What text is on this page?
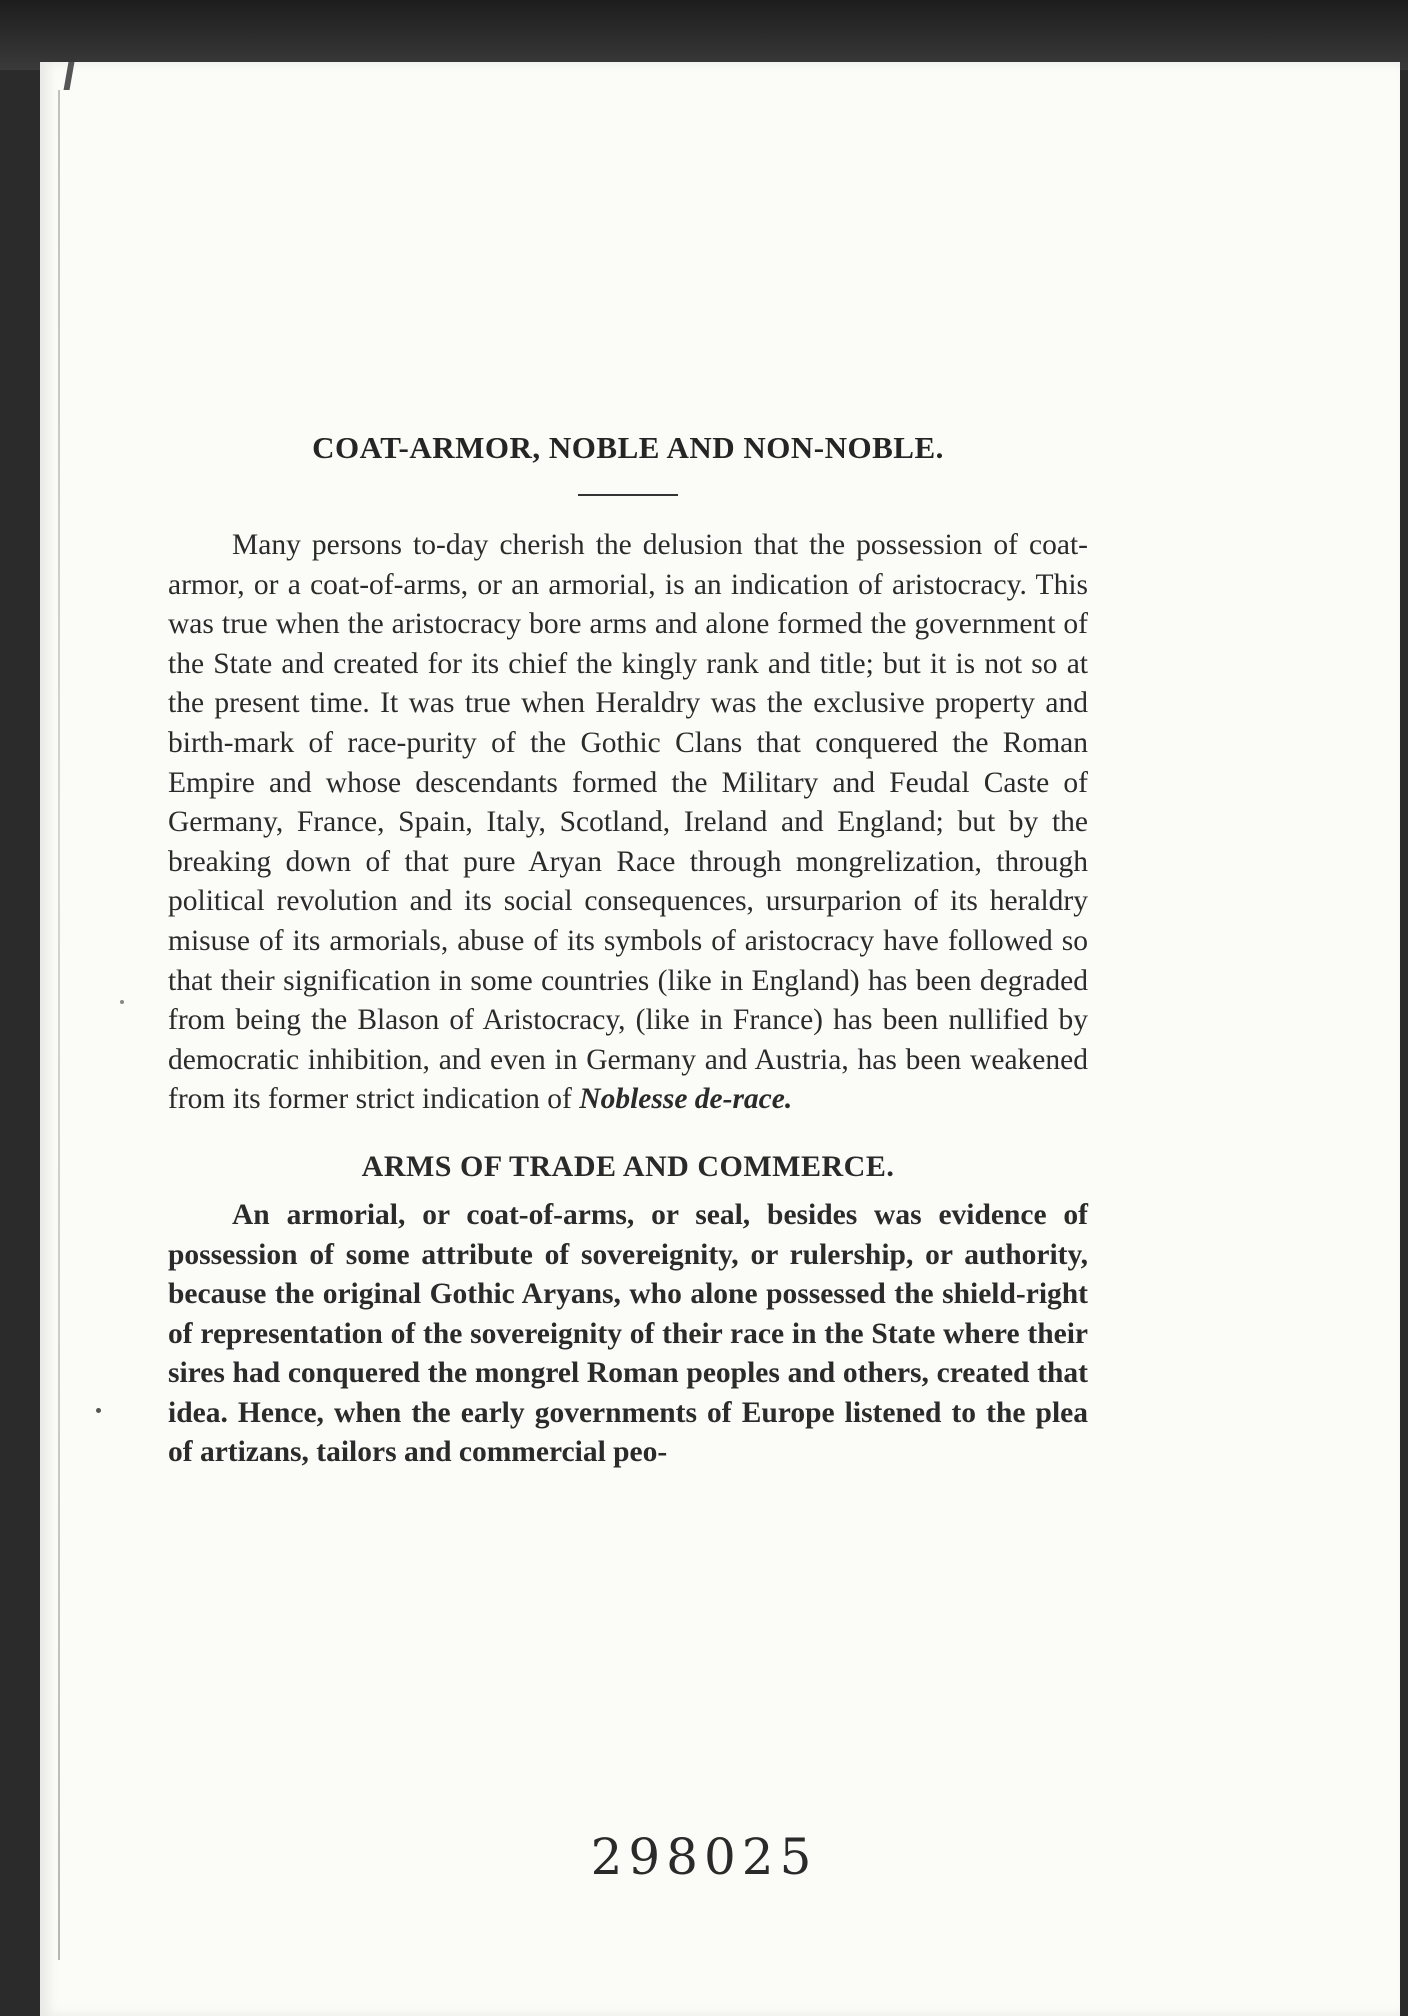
COAT-ARMOR, NOBLE AND NON-NOBLE.

Many persons to-day cherish the delusion that the possession of coat-armor, or a coat-of-arms, or an armorial, is an indication of aristocracy. This was true when the aristocracy bore arms and alone formed the government of the State and created for its chief the kingly rank and title; but it is not so at the present time. It was true when Heraldry was the exclusive property and birth-mark of race-purity of the Gothic Clans that conquered the Roman Empire and whose descendants formed the Military and Feudal Caste of Germany, France, Spain, Italy, Scotland, Ireland and England; but by the breaking down of that pure Aryan Race through mongrelization, through political revolution and its social consequences, ursurparion of its heraldry misuse of its armorials, abuse of its symbols of aristocracy have followed so that their signification in some countries (like in England) has been degraded from being the Blason of Aristocracy, (like in France) has been nullified by democratic inhibition, and even in Germany and Austria, has been weakened from its former strict indication of Noblesse de-race.

ARMS OF TRADE AND COMMERCE.

An armorial, or coat-of-arms, or seal, besides was evidence of possession of some attribute of sovereignity, or rulership, or authority, because the original Gothic Aryans, who alone possessed the shield-right of representation of the sovereignity of their race in the State where their sires had conquered the mongrel Roman peoples and others, created that idea. Hence, when the early governments of Europe listened to the plea of artizans, tailors and commercial peo-

298025
